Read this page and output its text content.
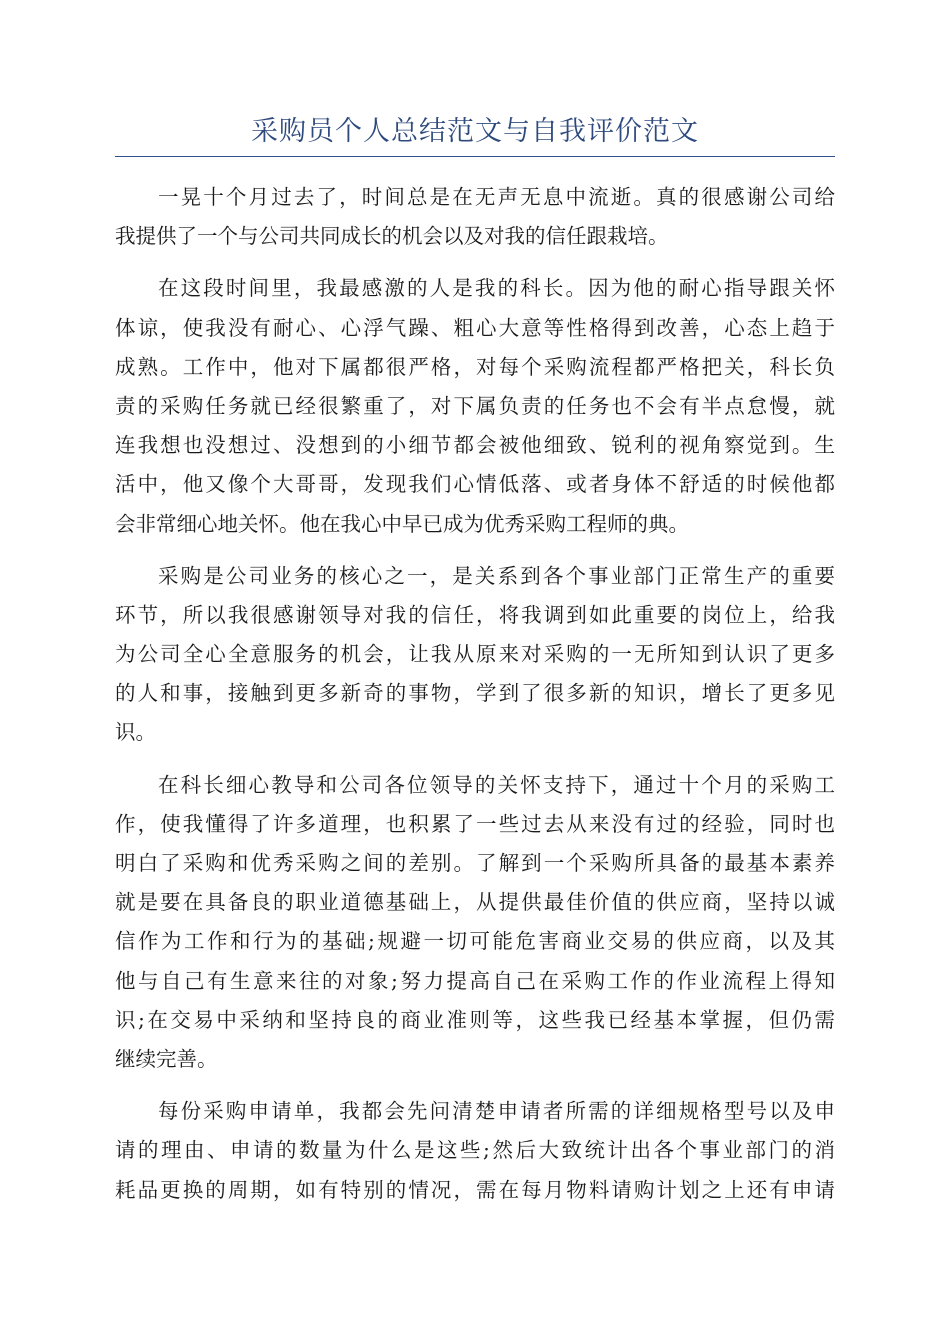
采购员个人总结范文与自我评价范文
一晃十个月过去了，时间总是在无声无息中流逝。真的很感谢公司给
我提供了一个与公司共同成长的机会以及对我的信任跟栽培。
在这段时间里，我最感激的人是我的科长。因为他的耐心指导跟关怀
体谅，使我没有耐心、心浮气躁、粗心大意等性格得到改善，心态上趋于
成熟。工作中，他对下属都很严格，对每个采购流程都严格把关，科长负
责的采购任务就已经很繁重了，对下属负责的任务也不会有半点怠慢，就
连我想也没想过、没想到的小细节都会被他细致、锐利的视角察觉到。生
活中，他又像个大哥哥，发现我们心情低落、或者身体不舒适的时候他都
会非常细心地关怀。他在我心中早已成为优秀采购工程师的典。
采购是公司业务的核心之一，是关系到各个事业部门正常生产的重要
环节，所以我很感谢领导对我的信任，将我调到如此重要的岗位上，给我
为公司全心全意服务的机会，让我从原来对采购的一无所知到认识了更多
的人和事，接触到更多新奇的事物，学到了很多新的知识，增长了更多见
识。
在科长细心教导和公司各位领导的关怀支持下，通过十个月的采购工
作，使我懂得了许多道理，也积累了一些过去从来没有过的经验，同时也
明白了采购和优秀采购之间的差别。了解到一个采购所具备的最基本素养
就是要在具备良的职业道德基础上，从提供最佳价值的供应商，坚持以诚
信作为工作和行为的基础;规避一切可能危害商业交易的供应商，以及其
他与自己有生意来往的对象;努力提高自己在采购工作的作业流程上得知
识;在交易中采纳和坚持良的商业准则等，这些我已经基本掌握，但仍需
继续完善。
每份采购申请单，我都会先问清楚申请者所需的详细规格型号以及申
请的理由、申请的数量为什么是这些;然后大致统计出各个事业部门的消
耗品更换的周期，如有特别的情况，需在每月物料请购计划之上还有申请
